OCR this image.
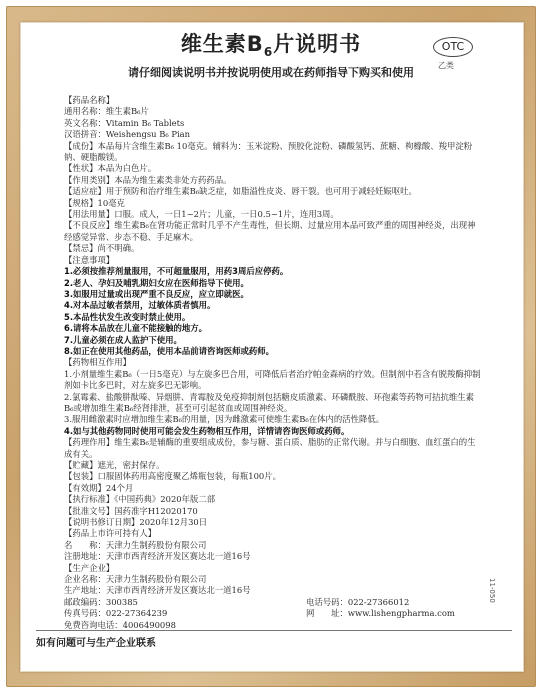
维生素$B_6$片说明书	OTC
乙类
请仔细阅读说明书并按说明使用或在药师指导下购买和使用
【药品名称】
通用名称：维生素B₆片
英文名称：Vitamin B₆ Tablets
汉语拼音：Weishengsu B₆ Pian
【成份】本品每片含维生素B₆ 10毫克。辅料为：玉米淀粉、预胶化淀粉、磷酸氢钙、蔗糖、枸橼酸、羧甲淀粉钠、硬脂酸镁。
【性状】本品为白色片。
【作用类别】本品为维生素类非处方药药品。
【适应症】用于预防和治疗维生素B₆缺乏症，如脂溢性皮炎、唇干裂。也可用于减轻妊娠呕吐。
【规格】10毫克
【用法用量】口服。成人，一日1~2片；儿童，一日0.5~1片，连用3周。
【不良反应】维生素B₆在肾功能正常时几乎不产生毒性，但长期、过量应用本品可致严重的周围神经炎，出现神经感觉异常、步态不稳、手足麻木。
【禁忌】尚不明确。
【注意事项】
1.必须按推荐剂量服用，不可超量服用，用药3周后应停药。
2.老人、孕妇及哺乳期妇女应在医师指导下使用。
3.如服用过量或出现严重不良反应，应立即就医。
4.对本品过敏者禁用，过敏体质者慎用。
5.本品性状发生改变时禁止使用。
6.请将本品放在儿童不能接触的地方。
7.儿童必须在成人监护下使用。
8.如正在使用其他药品，使用本品前请咨询医师或药师。
【药物相互作用】
1.小剂量维生素B₆（一日5毫克）与左旋多巴合用，可降低后者治疗帕金森病的疗效。但制剂中若含有脱羧酶抑制剂如卡比多巴时，对左旋多巴无影响。
2.氯霉素、盐酸肼酞嗪、异烟肼、青霉胺及免疫抑制剂包括糖皮质激素、环磷酰胺、环孢素等药物可拮抗维生素B₆或增加维生素B₆经肾排泄，甚至可引起贫血或周围神经炎。
3.服用雌激素时应增加维生素B₆的用量，因为雌激素可使维生素B₆在体内的活性降低。
4.如与其他药物同时使用可能会发生药物相互作用，详情请咨询医师或药师。
【药理作用】维生素B₆是辅酶的重要组成成份，参与糖、蛋白质、脂肪的正常代谢。并与白细胞、血红蛋白的生成有关。
【贮藏】遮光，密封保存。
【包装】口服固体药用高密度聚乙烯瓶包装，每瓶100片。
【有效期】24个月
【执行标准】《中国药典》2020年版二部
【批准文号】国药准字H12020170
【说明书修订日期】2020年12月30日
【药品上市许可持有人】
名　　称：天津力生制药股份有限公司
注册地址：天津市西青经济开发区赛达北一道16号
【生产企业】
企业名称：天津力生制药股份有限公司
生产地址：天津市西青经济开发区赛达北一道16号
邮政编码：300385	电话号码：022-27366012
传真号码：022-27364239	网　　址：www.lishengpharma.com
免费咨询电话：4006490098
11-050
如有问题可与生产企业联系
